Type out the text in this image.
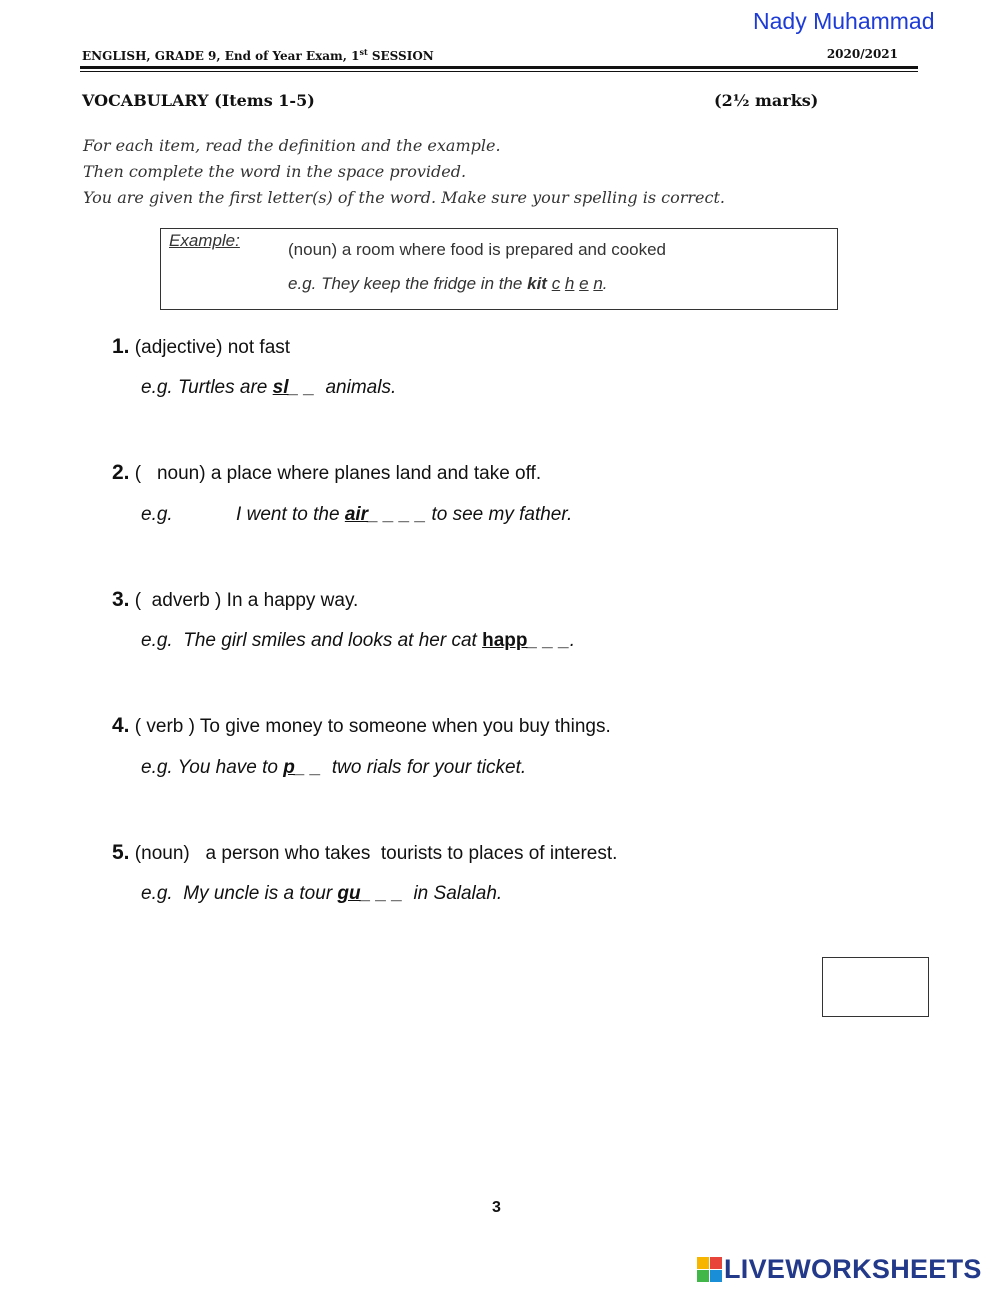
Nady Muhammad
ENGLISH, GRADE 9, End of Year Exam, 1st SESSION	2020/2021
VOCABULARY (Items 1-5)	(2½ marks)
For each item, read the definition and the example.
Then complete the word in the space provided.
You are given the first letter(s) of the word. Make sure your spelling is correct.
Example:	(noun) a room where food is prepared and cooked
e.g. They keep the fridge in the kit c h e n.
1. (adjective) not fast
e.g. Turtles are sl_ _  animals.
2. (   noun) a place where planes land and take off.
e.g.            I went to the air_ _ _ _ to see my father.
3. (  adverb ) In a happy way.
e.g.  The girl smiles and looks at her cat happ_ _ _.
4. ( verb ) To give money to someone when you buy things.
e.g. You have to p_ _  two rials for your ticket.
5. (noun)   a person who takes  tourists to places of interest.
e.g.  My uncle is a tour gu_ _ _  in Salalah.
3
LIVEWORKSHEETS
